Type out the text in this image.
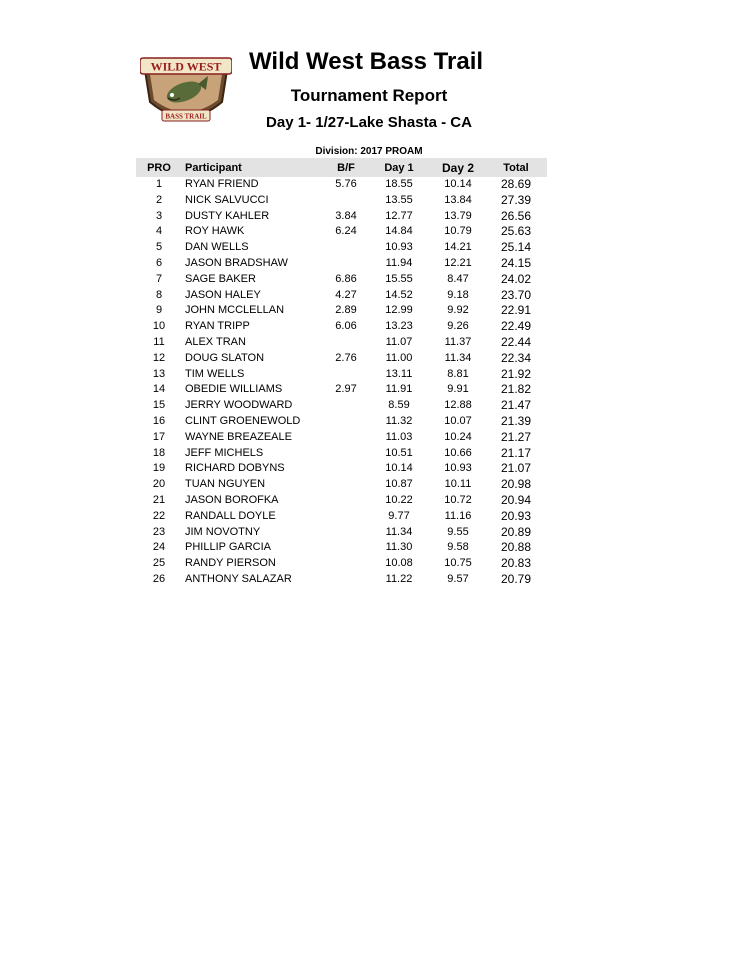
WILD WEST
BASS TRAIL
Wild West Bass Trail
Tournament Report
Day 1- 1/27-Lake Shasta - CA
Division: 2017 PROAM
PRO	Participant	B/F	Day 1	Day 2	Total
1	RYAN FRIEND	5.76	18.55	10.14	28.69
2	NICK SALVUCCI		13.55	13.84	27.39
3	DUSTY KAHLER	3.84	12.77	13.79	26.56
4	ROY HAWK	6.24	14.84	10.79	25.63
5	DAN WELLS		10.93	14.21	25.14
6	JASON BRADSHAW		11.94	12.21	24.15
7	SAGE BAKER	6.86	15.55	8.47	24.02
8	JASON HALEY	4.27	14.52	9.18	23.70
9	JOHN MCCLELLAN	2.89	12.99	9.92	22.91
10	RYAN TRIPP	6.06	13.23	9.26	22.49
11	ALEX TRAN		11.07	11.37	22.44
12	DOUG SLATON	2.76	11.00	11.34	22.34
13	TIM WELLS		13.11	8.81	21.92
14	OBEDIE WILLIAMS	2.97	11.91	9.91	21.82
15	JERRY WOODWARD		8.59	12.88	21.47
16	CLINT GROENEWOLD		11.32	10.07	21.39
17	WAYNE BREAZEALE		11.03	10.24	21.27
18	JEFF MICHELS		10.51	10.66	21.17
19	RICHARD DOBYNS		10.14	10.93	21.07
20	TUAN NGUYEN		10.87	10.11	20.98
21	JASON BOROFKA		10.22	10.72	20.94
22	RANDALL DOYLE		9.77	11.16	20.93
23	JIM NOVOTNY		11.34	9.55	20.89
24	PHILLIP GARCIA		11.30	9.58	20.88
25	RANDY PIERSON		10.08	10.75	20.83
26	ANTHONY SALAZAR		11.22	9.57	20.79
